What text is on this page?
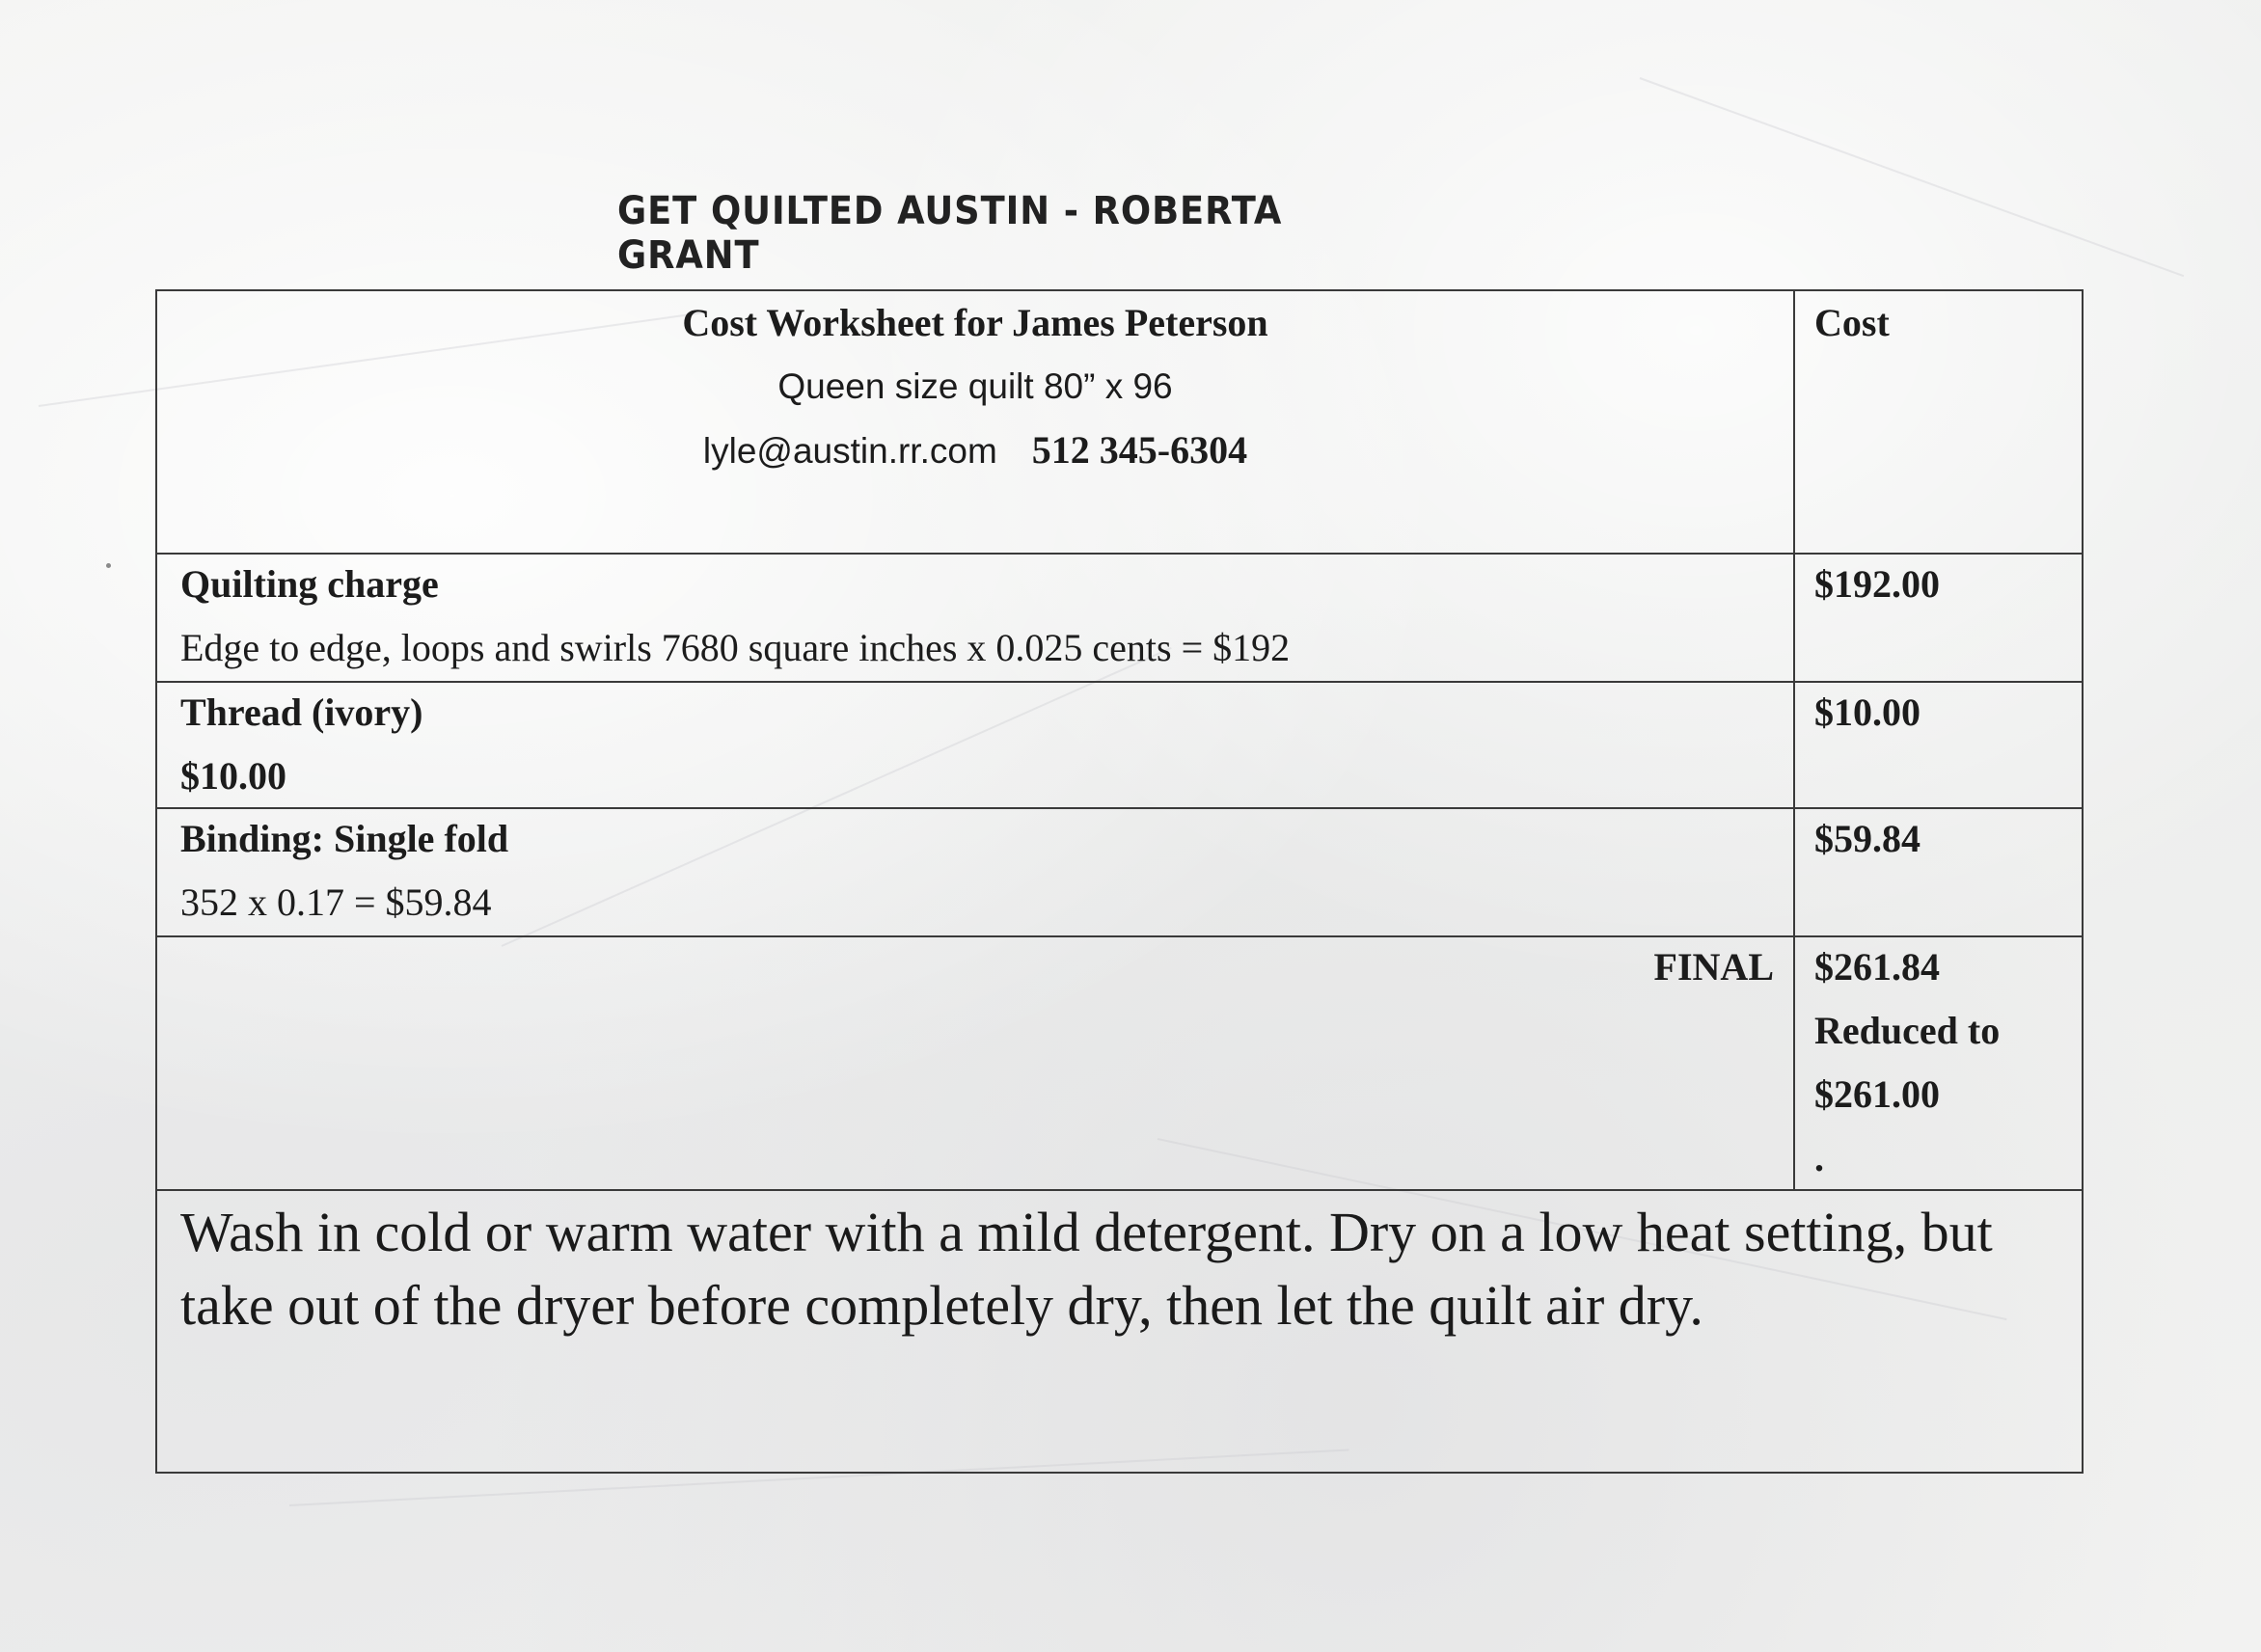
GET QUILTED AUSTIN - ROBERTA GRANT
Cost Worksheet for James Peterson
Queen size quilt 80” x 96
lyle@austin.rr.com 512 345-6304
Cost
Quilting charge
Edge to edge, loops and swirls 7680 square inches x 0.025 cents = $192
$192.00
Thread (ivory)
$10.00
$10.00
Binding: Single fold
352 x 0.17 = $59.84
$59.84
FINAL $261.84
Reduced to
$261.00
.
Wash in cold or warm water with a mild detergent. Dry on a low heat setting, but take out of the dryer before completely dry, then let the quilt air dry.
